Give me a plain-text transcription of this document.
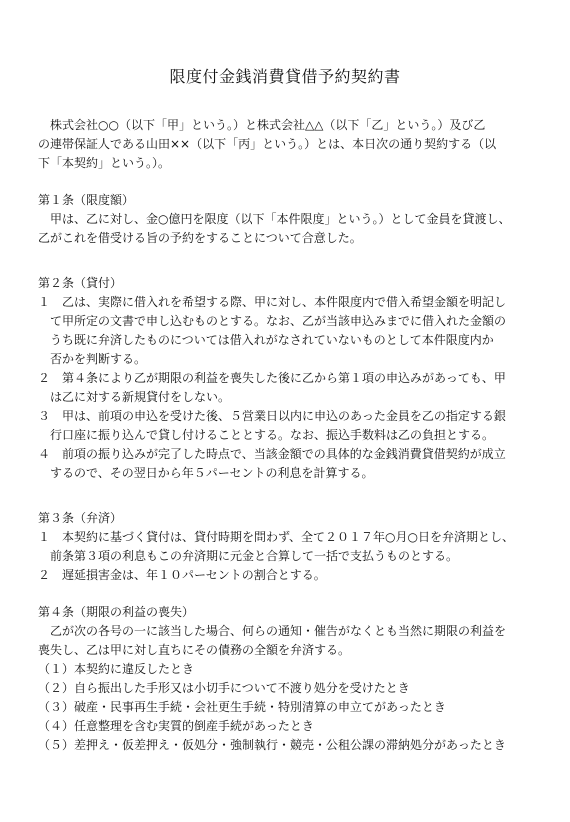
限度付金銭消費貸借予約契約書
　株式会社○○（以下「甲」という。）と株式会社△△（以下「乙」という。）及び乙
の連帯保証人である山田××（以下「丙」という。）とは、本日次の通り契約する（以
下「本契約」という。）。
第１条（限度額）
　甲は、乙に対し、金○億円を限度（以下「本件限度」という。）として金員を貸渡し、
乙がこれを借受ける旨の予約をすることについて合意した。
第２条（貸付）
１　乙は、実際に借入れを希望する際、甲に対し、本件限度内で借入希望金額を明記し
　て甲所定の文書で申し込むものとする。なお、乙が当該申込みまでに借入れた金額の
　うち既に弁済したものについては借入れがなされていないものとして本件限度内か
　否かを判断する。
２　第４条により乙が期限の利益を喪失した後に乙から第１項の申込みがあっても、甲
　は乙に対する新規貸付をしない。
３　甲は、前項の申込を受けた後、５営業日以内に申込のあった金員を乙の指定する銀
　行口座に振り込んで貸し付けることとする。なお、振込手数料は乙の負担とする。
４　前項の振り込みが完了した時点で、当該金額での具体的な金銭消費貸借契約が成立
　するので、その翌日から年５パーセントの利息を計算する。
第３条（弁済）
１　本契約に基づく貸付は、貸付時期を問わず、全て２０１７年○月○日を弁済期とし、
　前条第３項の利息もこの弁済期に元金と合算して一括で支払うものとする。
２　遅延損害金は、年１０パーセントの割合とする。
第４条（期限の利益の喪失）
　乙が次の各号の一に該当した場合、何らの通知・催告がなくとも当然に期限の利益を
喪失し、乙は甲に対し直ちにその債務の全額を弁済する。
（１）本契約に違反したとき
（２）自ら振出した手形又は小切手について不渡り処分を受けたとき
（３）破産・民事再生手続・会社更生手続・特別清算の申立てがあったとき
（４）任意整理を含む実質的倒産手続があったとき
（５）差押え・仮差押え・仮処分・強制執行・競売・公租公課の滞納処分があったとき
